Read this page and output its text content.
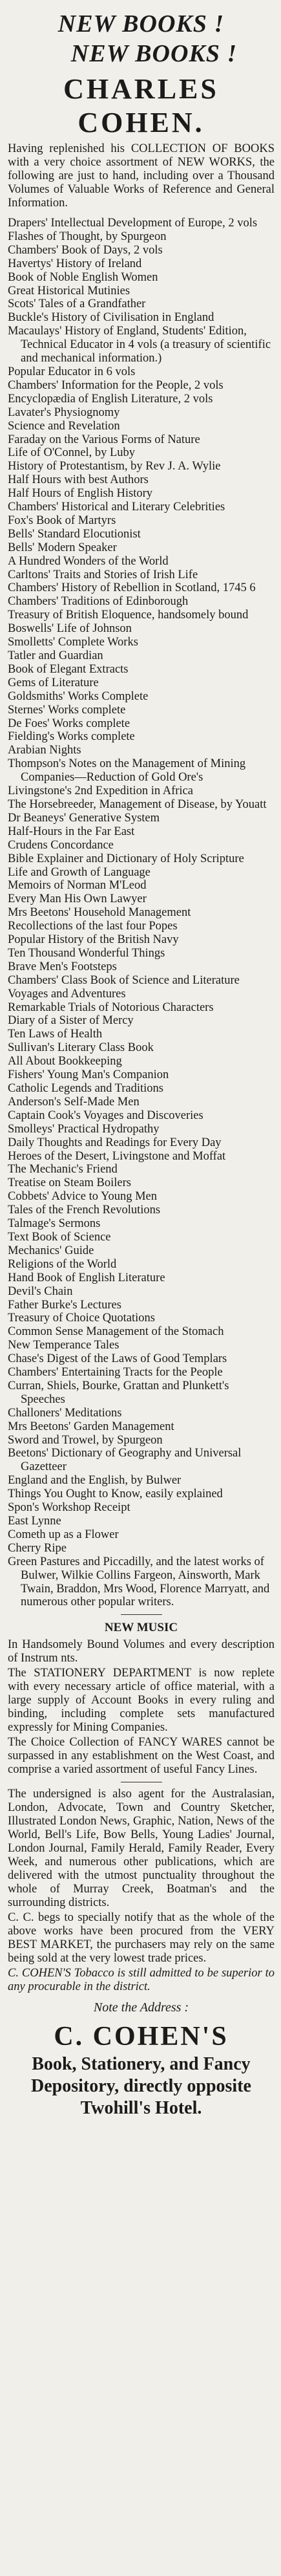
NEW BOOKS !
NEW BOOKS !
CHARLES COHEN.
Having replenished his COLLECTION OF BOOKS with a very choice assortment of NEW WORKS, the following are just to hand, including over a Thousand Volumes of Valuable Works of Reference and General Information.
Drapers' Intellectual Development of Europe, 2 vols
Flashes of Thought, by Spurgeon
Chambers' Book of Days, 2 vols
Havertys' History of Ireland
Book of Noble English Women
Great Historical Mutinies
Scots' Tales of a Grandfather
Buckle's History of Civilisation in England
Macaulays' History of England, Students' Edition, Technical Educator in 4 vols (a treasury of scientific and mechanical information.)
Popular Educator in 6 vols
Chambers' Information for the People, 2 vols
Encyclopædia of English Literature, 2 vols
Lavater's Physiognomy
Science and Revelation
Faraday on the Various Forms of Nature
Life of O'Connel, by Luby
History of Protestantism, by Rev J. A. Wylie
Half Hours with best Authors
Half Hours of English History
Chambers' Historical and Literary Celebrities
Fox's Book of Martyrs
Bells' Standard Elocutionist
Bells' Modern Speaker
A Hundred Wonders of the World
Carltons' Traits and Stories of Irish Life
Chambers' History of Rebellion in Scotland, 1745 6
Chambers' Traditions of Edinborough
Treasury of British Eloquence, handsomely bound
Boswells' Life of Johnson
Smolletts' Complete Works
Tatler and Guardian
Book of Elegant Extracts
Gems of Literature
Goldsmiths' Works Complete
Sternes' Works complete
De Foes' Works complete
Fielding's Works complete
Arabian Nights
Thompson's Notes on the Management of Mining Companies—Reduction of Gold Ore's
Livingstone's 2nd Expedition in Africa
The Horsebreeder, Management of Disease, by Youatt
Dr Beaneys' Generative System
Half-Hours in the Far East
Crudens Concordance
Bible Explainer and Dictionary of Holy Scripture
Life and Growth of Language
Memoirs of Norman M'Leod
Every Man His Own Lawyer
Mrs Beetons' Household Management
Recollections of the last four Popes
Popular History of the British Navy
Ten Thousand Wonderful Things
Brave Men's Footsteps
Chambers' Class Book of Science and Literature
Voyages and Adventures
Remarkable Trials of Notorious Characters
Diary of a Sister of Mercy
Ten Laws of Health
Sullivan's Literary Class Book
All About Bookkeeping
Fishers' Young Man's Companion
Catholic Legends and Traditions
Anderson's Self-Made Men
Captain Cook's Voyages and Discoveries
Smolleys' Practical Hydropathy
Daily Thoughts and Readings for Every Day
Heroes of the Desert, Livingstone and Moffat
The Mechanic's Friend
Treatise on Steam Boilers
Cobbets' Advice to Young Men
Tales of the French Revolutions
Talmage's Sermons
Text Book of Science
Mechanics' Guide
Religions of the World
Hand Book of English Literature
Devil's Chain
Father Burke's Lectures
Treasury of Choice Quotations
Common Sense Management of the Stomach
New Temperance Tales
Chase's Digest of the Laws of Good Templars
Chambers' Entertaining Tracts for the People
Curran, Shiels, Bourke, Grattan and Plunkett's Speeches
Challoners' Meditations
Mrs Beetons' Garden Management
Sword and Trowel, by Spurgeon
Beetons' Dictionary of Geography and Universal Gazetteer
England and the English, by Bulwer
Things You Ought to Know, easily explained
Spon's Workshop Receipt
East Lynne
Cometh up as a Flower
Cherry Ripe
Green Pastures and Piccadilly, and the latest works of Bulwer, Wilkie Collins Fargeon, Ainsworth, Mark Twain, Braddon, Mrs Wood, Florence Marryatt, and numerous other popular writers.
NEW MUSIC

In Handsomely Bound Volumes and every description of Instrum nts.

The STATIONERY DEPARTMENT is now replete with every necessary article of office material, with a large supply of Account Books in every ruling and binding, including complete sets manufactured expressly for Mining Companies.

The Choice Collection of FANCY WARES cannot be surpassed in any establishment on the West Coast, and comprise a varied assortment of useful Fancy Lines.

The undersigned is also agent for the Australasian, London, Advocate, Town and Country Sketcher, Illustrated London News, Graphic, Nation, News of the World, Bell's Life, Bow Bells, Young Ladies' Journal, London Journal, Family Herald, Family Reader, Every Week, and numerous other publications, which are delivered with the utmost punctuality throughout the whole of Murray Creek, Boatman's and the surrounding districts.

C. C. begs to specially notify that as the whole of the above works have been procured from the VERY BEST MARKET, the purchasers may rely on the same being sold at the very lowest trade prices.

C. COHEN'S Tobacco is still admitted to be superior to any procurable in the district.

Note the Address :
C. COHEN'S
Book, Stationery, and Fancy
Depository, directly opposite Twohill's Hotel.
